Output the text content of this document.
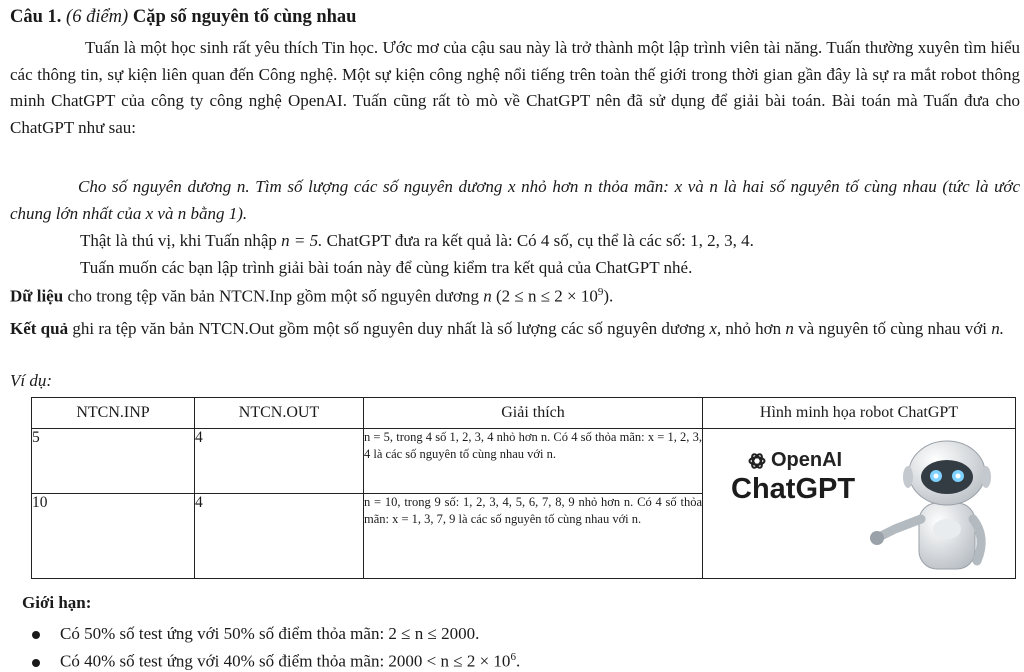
Câu 1. (6 điểm) Cặp số nguyên tố cùng nhau
Tuấn là một học sinh rất yêu thích Tin học. Ước mơ của cậu sau này là trở thành một lập trình viên tài năng. Tuấn thường xuyên tìm hiểu các thông tin, sự kiện liên quan đến Công nghệ. Một sự kiện công nghệ nổi tiếng trên toàn thế giới trong thời gian gần đây là sự ra mắt robot thông minh ChatGPT của công ty công nghệ OpenAI. Tuấn cũng rất tò mò về ChatGPT nên đã sử dụng để giải bài toán. Bài toán mà Tuấn đưa cho ChatGPT như sau:
Cho số nguyên dương n. Tìm số lượng các số nguyên dương x nhỏ hơn n thỏa mãn: x và n là hai số nguyên tố cùng nhau (tức là ước chung lớn nhất của x và n bằng 1).
Thật là thú vị, khi Tuấn nhập n = 5. ChatGPT đưa ra kết quả là: Có 4 số, cụ thể là các số: 1, 2, 3, 4.
Tuấn muốn các bạn lập trình giải bài toán này để cùng kiểm tra kết quả của ChatGPT nhé.
Dữ liệu cho trong tệp văn bản NTCN.Inp gồm một số nguyên dương n $(2 \le n \le 2 \times 10^9)$.
Kết quả ghi ra tệp văn bản NTCN.Out gồm một số nguyên duy nhất là số lượng các số nguyên dương x, nhỏ hơn n và nguyên tố cùng nhau với n.
Ví dụ:
NTCN.INP	NTCN.OUT	Giải thích	Hình minh họa robot ChatGPT
5	4	n = 5, trong 4 số 1, 2, 3, 4 nhỏ hơn n. Có 4 số thỏa mãn: x = 1, 2, 3, 4 là các số nguyên tố cùng nhau với n.	OpenAI
ChatGPT

10	4	n = 10, trong 9 số: 1, 2, 3, 4, 5, 6, 7, 8, 9 nhỏ hơn n. Có 4 số thỏa mãn: x = 1, 3, 7, 9 là các số nguyên tố cùng nhau với n.	
Giới hạn:
Có 50% số test ứng với 50% số điểm thỏa mãn: 2 ≤ n ≤ 2000.
Có 40% số test ứng với 40% số điểm thỏa mãn: $2000 < n \le 2 \times 10^6$.
